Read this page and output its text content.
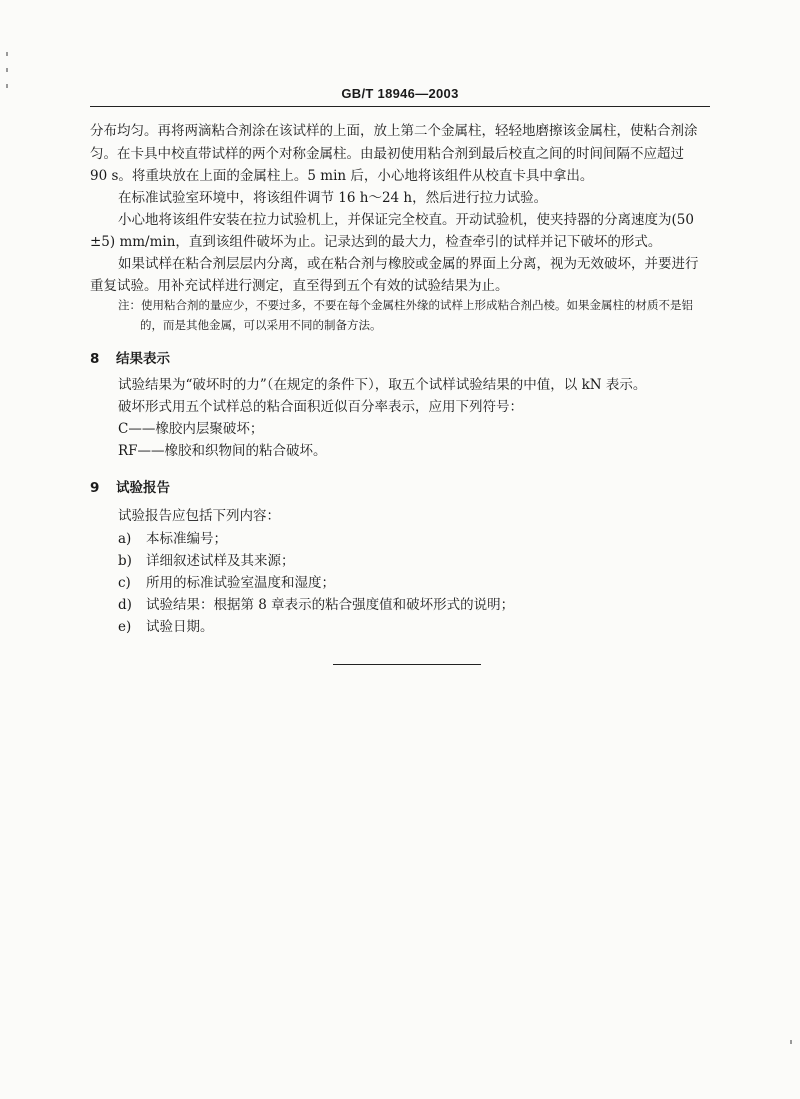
GB/T 18946—2003
分布均匀。再将两滴粘合剂涂在该试样的上面，放上第二个金属柱，轻轻地磨擦该金属柱，使粘合剂涂
匀。在卡具中校直带试样的两个对称金属柱。由最初使用粘合剂到最后校直之间的时间间隔不应超过
90 s。将重块放在上面的金属柱上。5 min 后，小心地将该组件从校直卡具中拿出。
在标准试验室环境中，将该组件调节 16 h～24 h，然后进行拉力试验。
小心地将该组件安装在拉力试验机上，并保证完全校直。开动试验机，使夹持器的分离速度为(50
±5) mm/min，直到该组件破坏为止。记录达到的最大力，检查牵引的试样并记下破坏的形式。
如果试样在粘合剂层层内分离，或在粘合剂与橡胶或金属的界面上分离，视为无效破坏，并要进行
重复试验。用补充试样进行测定，直至得到五个有效的试验结果为止。
注：使用粘合剂的量应少，不要过多，不要在每个金属柱外缘的试样上形成粘合剂凸棱。如果金属柱的材质不是铝
的，而是其他金属，可以采用不同的制备方法。
8 结果表示
试验结果为“破坏时的力”（在规定的条件下），取五个试样试验结果的中值，以 kN 表示。
破坏形式用五个试样总的粘合面积近似百分率表示，应用下列符号：
C——橡胶内层聚破坏；
RF——橡胶和织物间的粘合破坏。
9 试验报告
试验报告应包括下列内容：
a) 本标准编号；
b) 详细叙述试样及其来源；
c) 所用的标准试验室温度和湿度；
d) 试验结果：根据第 8 章表示的粘合强度值和破坏形式的说明；
e) 试验日期。
